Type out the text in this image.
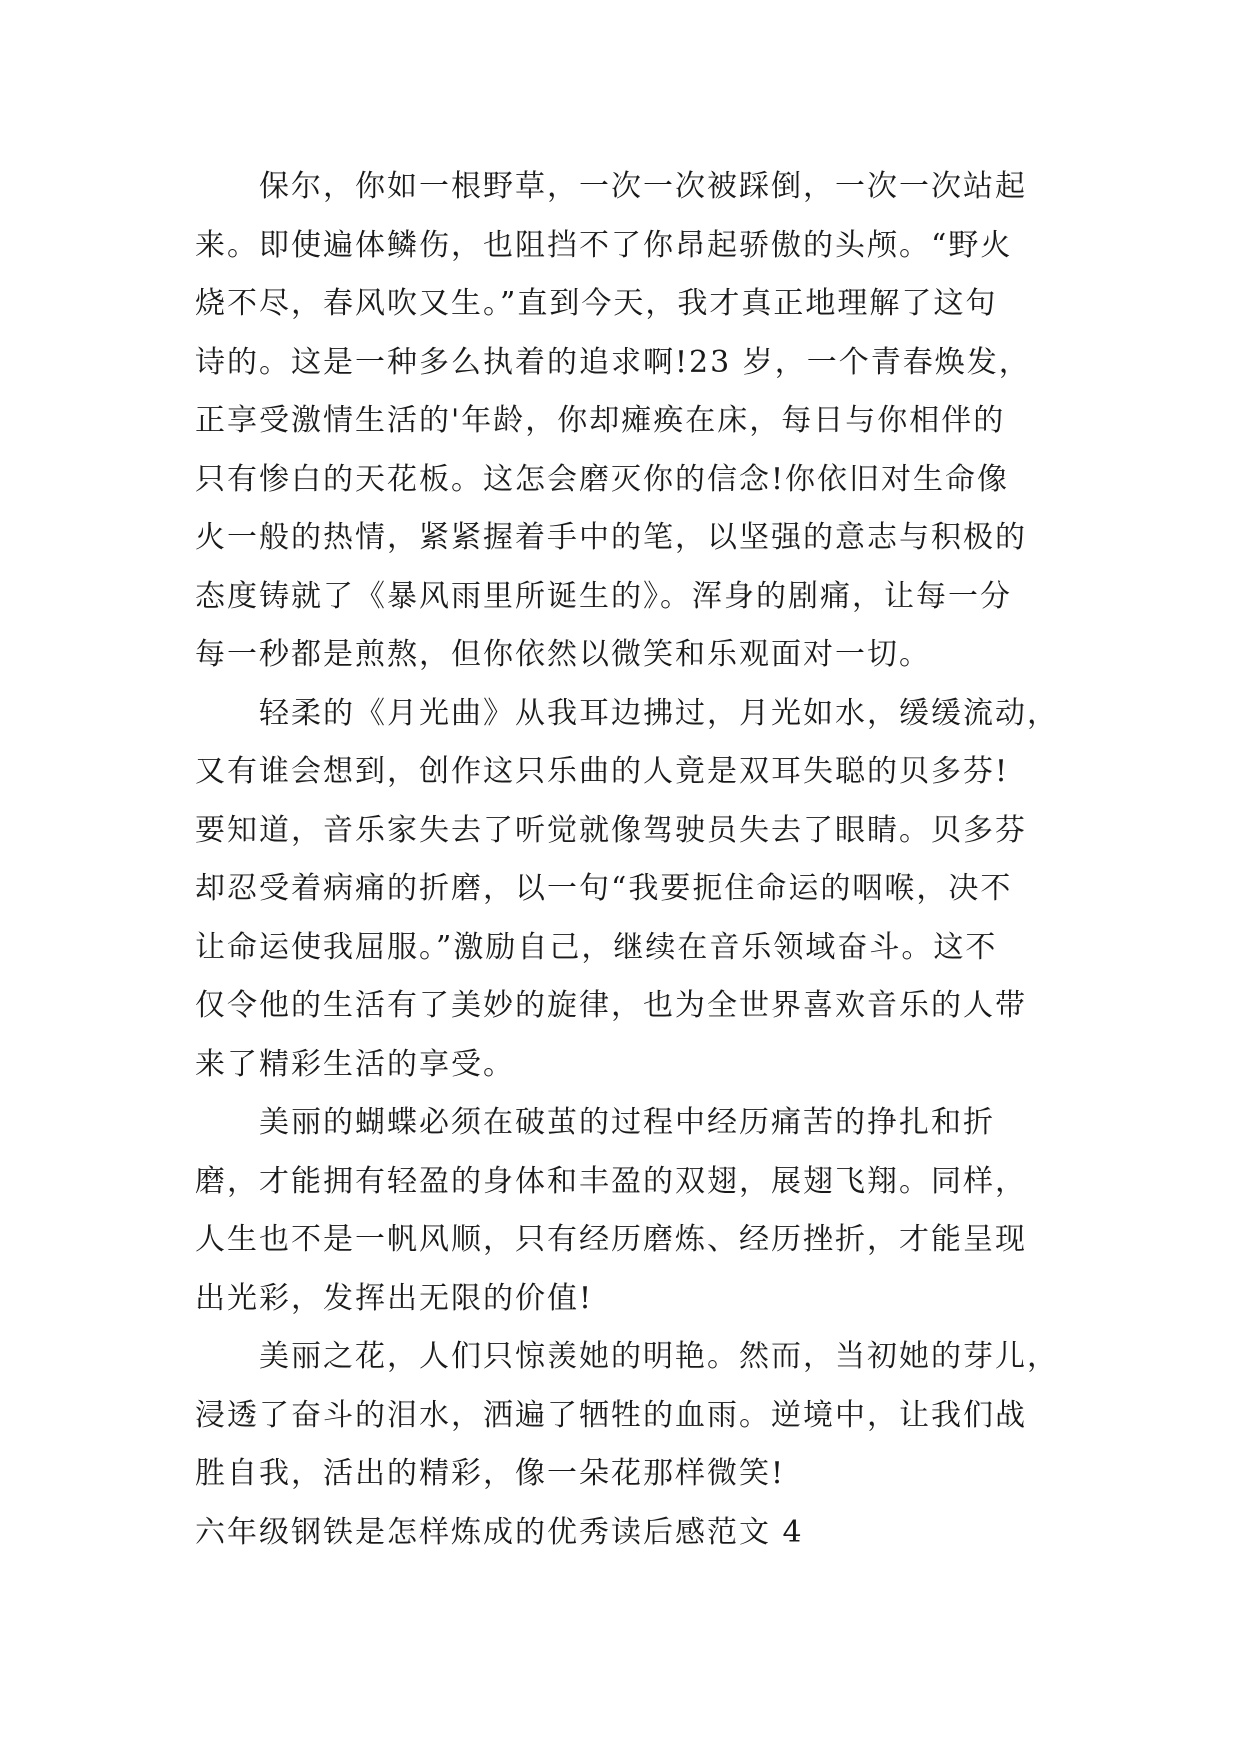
保尔，你如一根野草，一次一次被踩倒，一次一次站起
来。即使遍体鳞伤，也阻挡不了你昂起骄傲的头颅。“野火
烧不尽，春风吹又生。”直到今天，我才真正地理解了这句
诗的。这是一种多么执着的追求啊!23 岁，一个青春焕发，
正享受激情生活的'年龄，你却瘫痪在床，每日与你相伴的
只有惨白的天花板。这怎会磨灭你的信念!你依旧对生命像
火一般的热情，紧紧握着手中的笔，以坚强的意志与积极的
态度铸就了《暴风雨里所诞生的》。浑身的剧痛，让每一分
每一秒都是煎熬，但你依然以微笑和乐观面对一切。
轻柔的《月光曲》从我耳边拂过，月光如水，缓缓流动，
又有谁会想到，创作这只乐曲的人竟是双耳失聪的贝多芬!
要知道，音乐家失去了听觉就像驾驶员失去了眼睛。贝多芬
却忍受着病痛的折磨，以一句“我要扼住命运的咽喉，决不
让命运使我屈服。”激励自己，继续在音乐领域奋斗。这不
仅令他的生活有了美妙的旋律，也为全世界喜欢音乐的人带
来了精彩生活的享受。
美丽的蝴蝶必须在破茧的过程中经历痛苦的挣扎和折
磨，才能拥有轻盈的身体和丰盈的双翅，展翅飞翔。同样，
人生也不是一帆风顺，只有经历磨炼、经历挫折，才能呈现
出光彩，发挥出无限的价值!
美丽之花，人们只惊羡她的明艳。然而，当初她的芽儿，
浸透了奋斗的泪水，洒遍了牺牲的血雨。逆境中，让我们战
胜自我，活出的精彩，像一朵花那样微笑!
六年级钢铁是怎样炼成的优秀读后感范文 4
